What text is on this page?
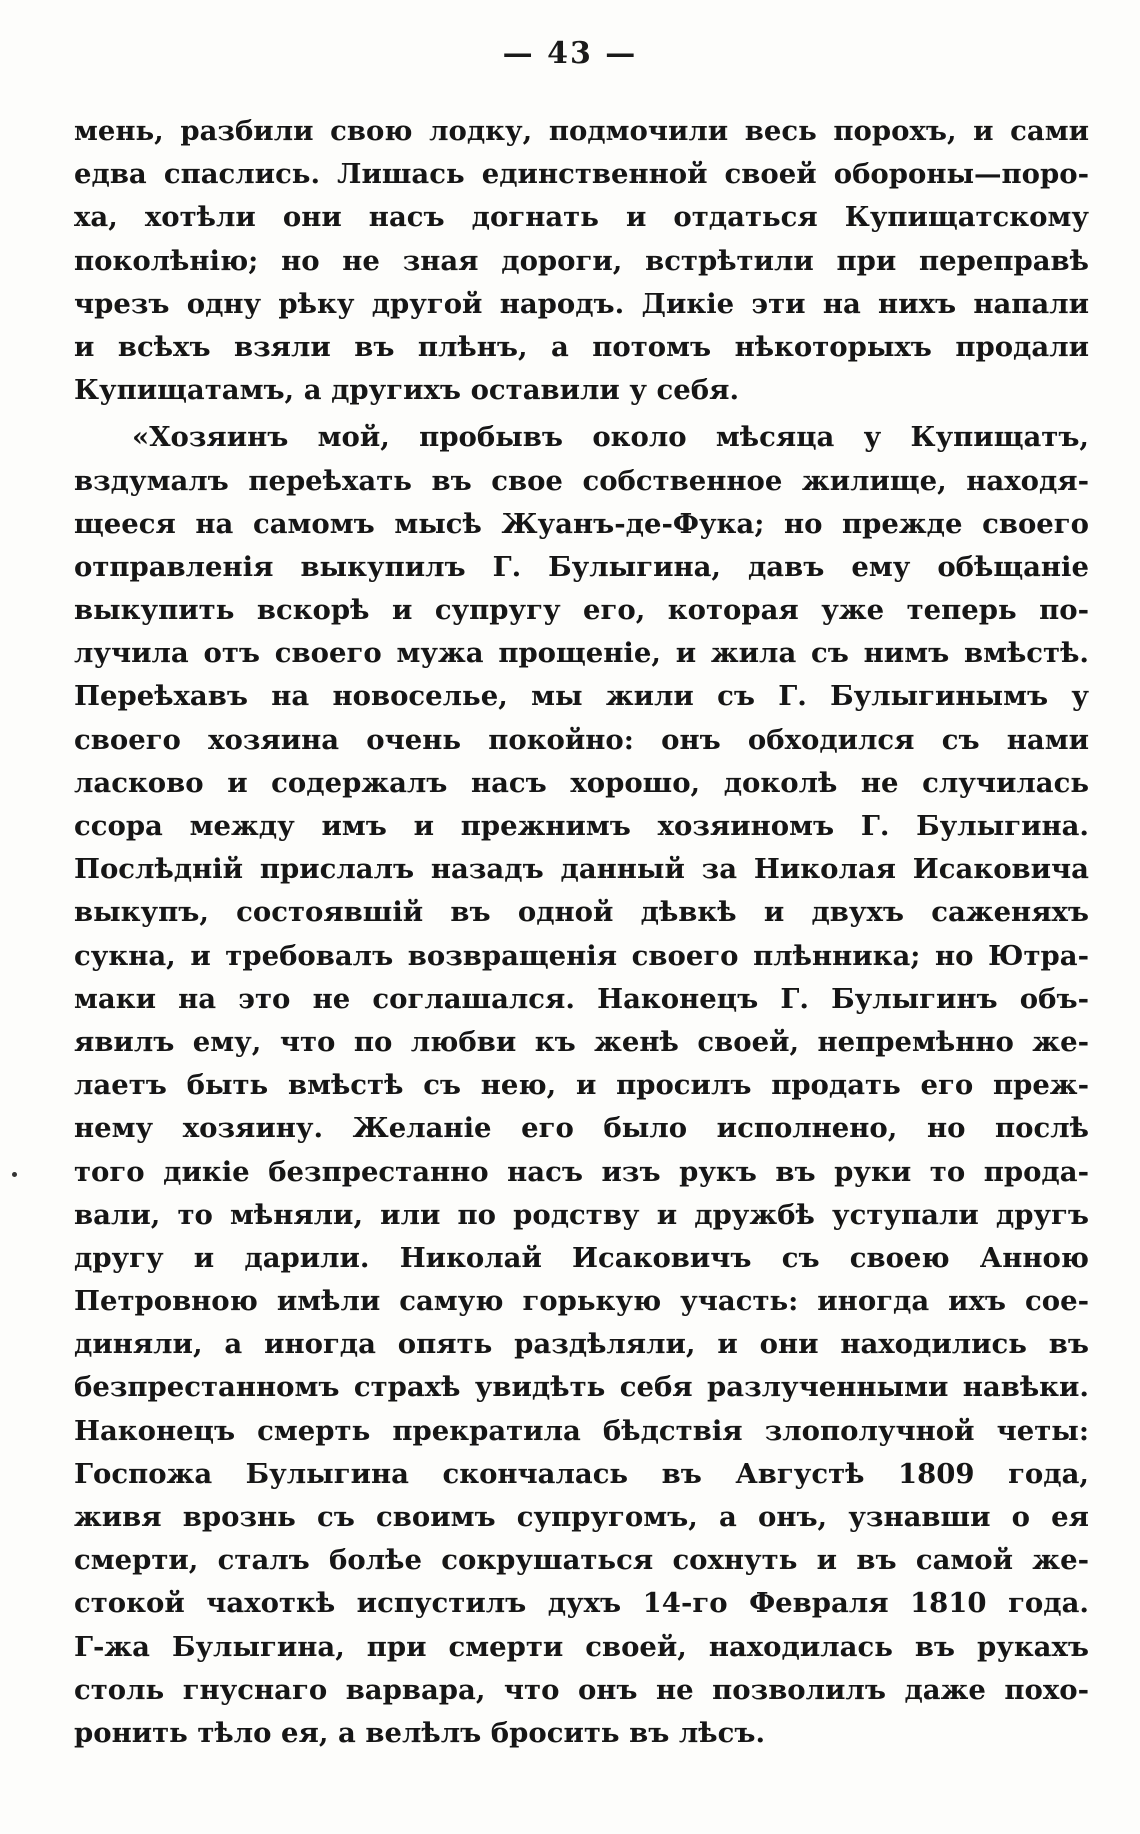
— 43 —
мень, разбили свою лодку, подмочили весь порохъ, и сами
едва спаслись. Лишась единственной своей обороны—поро-
ха, хотѣли они насъ догнать и отдаться Купищатскому
поколѣнію; но не зная дороги, встрѣтили при переправѣ
чрезъ одну рѣку другой народъ. Дикіе эти на нихъ напали
и всѣхъ взяли въ плѣнъ, а потомъ нѣкоторыхъ продали
Купищатамъ, а другихъ оставили у себя.
«Хозяинъ мой, пробывъ около мѣсяца у Купищатъ,
вздумалъ переѣхать въ свое собственное жилище, находя-
щееся на самомъ мысѣ Жуанъ-де-Фука; но прежде своего
отправленія выкупилъ Г. Булыгина, давъ ему обѣщаніе
выкупить вскорѣ и супругу его, которая уже теперь по-
лучила отъ своего мужа прощеніе, и жила съ нимъ вмѣстѣ.
Переѣхавъ на новоселье, мы жили съ Г. Булыгинымъ у
своего хозяина очень покойно: онъ обходился съ нами
ласково и содержалъ насъ хорошо, доколѣ не случилась
ссора между имъ и прежнимъ хозяиномъ Г. Булыгина.
Послѣдній прислалъ назадъ данный за Николая Исаковича
выкупъ, состоявшій въ одной дѣвкѣ и двухъ саженяхъ
сукна, и требовалъ возвращенія своего плѣнника; но Ютра-
маки на это не соглашался. Наконецъ Г. Булыгинъ объ-
явилъ ему, что по любви къ женѣ своей, непремѣнно же-
лаетъ быть вмѣстѣ съ нею, и просилъ продать его преж-
нему хозяину. Желаніе его было исполнено, но послѣ
того дикіе безпрестанно насъ изъ рукъ въ руки то прода-
вали, то мѣняли, или по родству и дружбѣ уступали другъ
другу и дарили. Николай Исаковичъ съ своею Анною
Петровною имѣли самую горькую участь: иногда ихъ сое-
диняли, а иногда опять раздѣляли, и они находились въ
безпрестанномъ страхѣ увидѣть себя разлученными навѣки.
Наконецъ смерть прекратила бѣдствія злополучной четы:
Госпожа Булыгина скончалась въ Августѣ 1809 года,
живя врознь съ своимъ супругомъ, а онъ, узнавши о ея
смерти, сталъ болѣе сокрушаться сохнуть и въ самой же-
стокой чахоткѣ испустилъ духъ 14-го Февраля 1810 года.
Г-жа Булыгина, при смерти своей, находилась въ рукахъ
столь гнуснаго варвара, что онъ не позволилъ даже похо-
ронить тѣло ея, а велѣлъ бросить въ лѣсъ.
